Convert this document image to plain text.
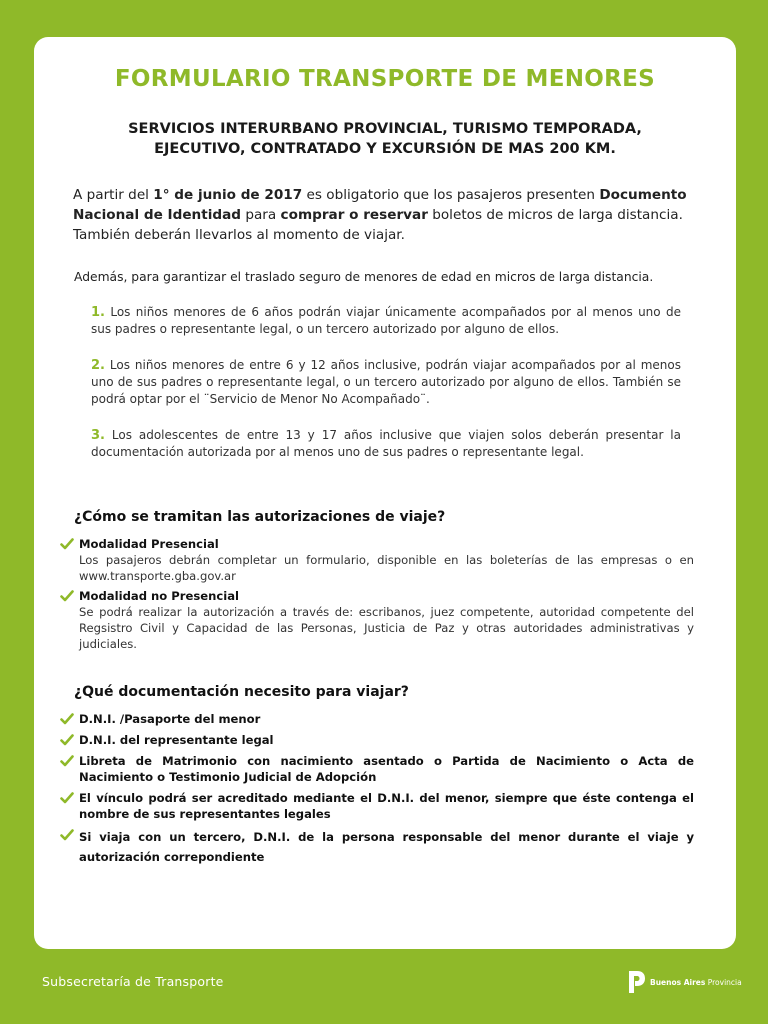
FORMULARIO TRANSPORTE DE MENORES
SERVICIOS INTERURBANO PROVINCIAL, TURISMO TEMPORADA,
EJECUTIVO, CONTRATADO Y EXCURSIÓN DE MAS 200 KM.
A partir del 1° de junio de 2017 es obligatorio que los pasajeros presenten Documento Nacional de Identidad para comprar o reservar boletos de micros de larga distancia. También deberán llevarlos al momento de viajar.
Además, para garantizar el traslado seguro de menores de edad en micros de larga distancia.
1. Los niños menores de 6 años podrán viajar únicamente acompañados por al menos uno de sus padres o representante legal, o un tercero autorizado por alguno de ellos.
2. Los niños menores de entre 6 y 12 años inclusive, podrán viajar acompañados por al menos uno de sus padres o representante legal, o un tercero autorizado por alguno de ellos. También se podrá optar por el ¨Servicio de Menor No Acompañado¨.
3. Los adolescentes de entre 13 y 17 años inclusive que viajen solos deberán presentar la documentación autorizada por al menos uno de sus padres o representante legal.
¿Cómo se tramitan las autorizaciones de viaje?
Modalidad Presencial
Los pasajeros debrán completar un formulario, disponible en las boleterías de las empresas o en www.transporte.gba.gov.ar
Modalidad no Presencial
Se podrá realizar la autorización a través de: escribanos, juez competente, autoridad competente del Regsistro Civil y Capacidad de las Personas, Justicia de Paz y otras autoridades administrativas y judiciales.
¿Qué documentación necesito para viajar?
D.N.I. /Pasaporte del menor
D.N.I. del representante legal
Libreta de Matrimonio con nacimiento asentado o Partida de Nacimiento o Acta de Nacimiento o Testimonio Judicial de Adopción
El vínculo podrá ser acreditado mediante el D.N.I. del menor, siempre que éste contenga el nombre de sus representantes legales
Si viaja con un tercero, D.N.I. de la persona responsable del menor durante el viaje y autorización correpondiente
Subsecretaría de Transporte	Buenos Aires Provincia
